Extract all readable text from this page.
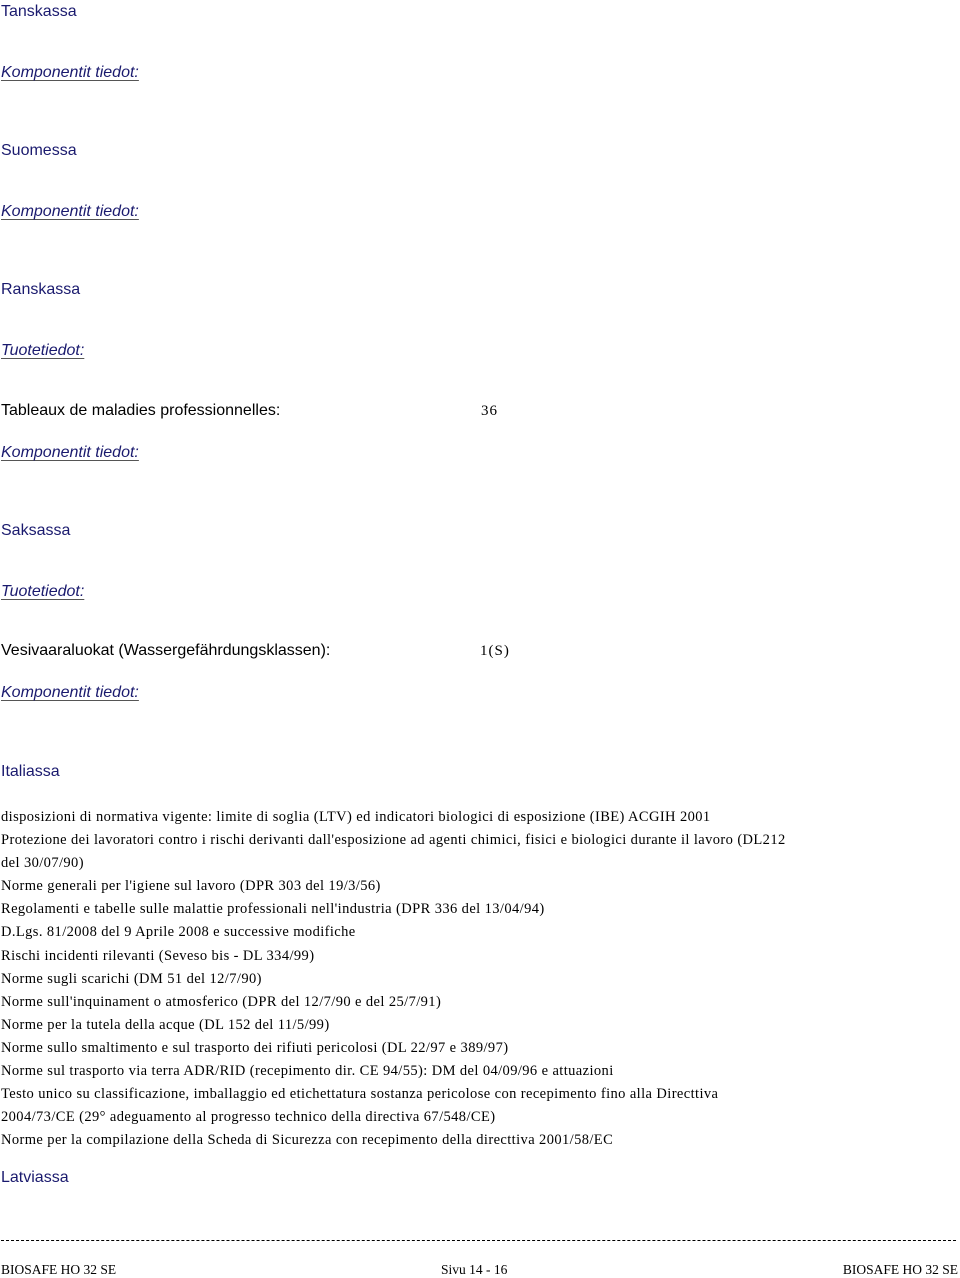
Tanskassa
Komponentit tiedot:
Suomessa
Komponentit tiedot:
Ranskassa
Tuotetiedot:
Tableaux de maladies professionnelles:	36
Komponentit tiedot:
Saksassa
Tuotetiedot:
Vesivaaraluokat (Wassergefährdungsklassen):	1(S)
Komponentit tiedot:
Italiassa
disposizioni di normativa vigente: limite di soglia (LTV) ed indicatori biologici di esposizione (IBE) ACGIH 2001
Protezione dei lavoratori contro i rischi derivanti dall'esposizione ad agenti chimici, fisici e biologici durante il lavoro (DL212
del 30/07/90)
Norme generali per l'igiene sul lavoro (DPR 303 del 19/3/56)
Regolamenti e tabelle sulle malattie professionali nell'industria (DPR 336 del 13/04/94)
D.Lgs. 81/2008 del 9 Aprile 2008 e successive modifiche
Rischi incidenti rilevanti (Seveso bis - DL 334/99)
Norme sugli scarichi (DM 51 del 12/7/90)
Norme sull'inquinament o atmosferico (DPR del 12/7/90 e del 25/7/91)
Norme per la tutela della acque (DL 152 del 11/5/99)
Norme sullo smaltimento e sul trasporto dei rifiuti pericolosi (DL 22/97 e 389/97)
Norme sul trasporto via terra ADR/RID (recepimento dir. CE 94/55): DM del 04/09/96 e attuazioni
Testo unico su classificazione, imballaggio ed etichettatura sostanza pericolose con recepimento fino alla Directtiva
2004/73/CE (29° adeguamento al progresso technico della directiva 67/548/CE)
Norme per la compilazione della Scheda di Sicurezza con recepimento della directtiva 2001/58/EC
Latviassa
BIOSAFE HO 32 SE	Sivu 14 - 16	BIOSAFE HO 32 SE
